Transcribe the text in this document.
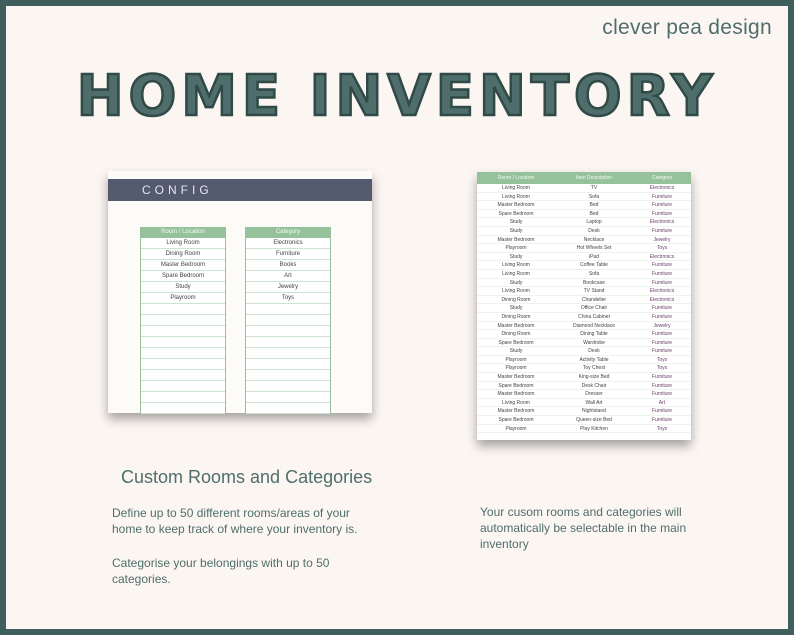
clever pea design
HOME INVENTORY
CONFIG
Room / Location
Living Room
Dining Room
Master Bedroom
Spare Bedroom
Study
Playroom
Category
Electronics
Furniture
Books
Art
Jewelry
Toys
Room / Location	Item Description	Category
Living Room	TV	Electronics
Living Room	Sofa	Furniture
Master Bedroom	Bed	Furniture
Spare Bedroom	Bed	Furniture
Study	Laptop	Electronics
Study	Desk	Furniture
Master Bedroom	Necklace	Jewelry
Playroom	Hot Wheels Set	Toys
Study	iPad	Electronics
Living Room	Coffee Table	Furniture
Living Room	Sofa	Furniture
Study	Bookcase	Furniture
Living Room	TV Stand	Electronics
Dining Room	Chandelier	Electronics
Study	Office Chair	Furniture
Dining Room	China Cabinet	Furniture
Master Bedroom	Diamond Necklace	Jewelry
Dining Room	Dining Table	Furniture
Spare Bedroom	Wardrobe	Furniture
Study	Desk	Furniture
Playroom	Activity Table	Toys
Playroom	Toy Chest	Toys
Master Bedroom	King-size Bed	Furniture
Spare Bedroom	Desk Chair	Furniture
Master Bedroom	Dresser	Furniture
Living Room	Wall Art	Art
Master Bedroom	Nightstand	Furniture
Spare Bedroom	Queen-size Bed	Furniture
Playroom	Play Kitchen	Toys
Custom Rooms and Categories
Define up to 50 different rooms/areas of your home to keep track of where your inventory is.
Categorise your belongings with up to 50 categories.
Your cusom rooms and categories will automatically be selectable in the main inventory
